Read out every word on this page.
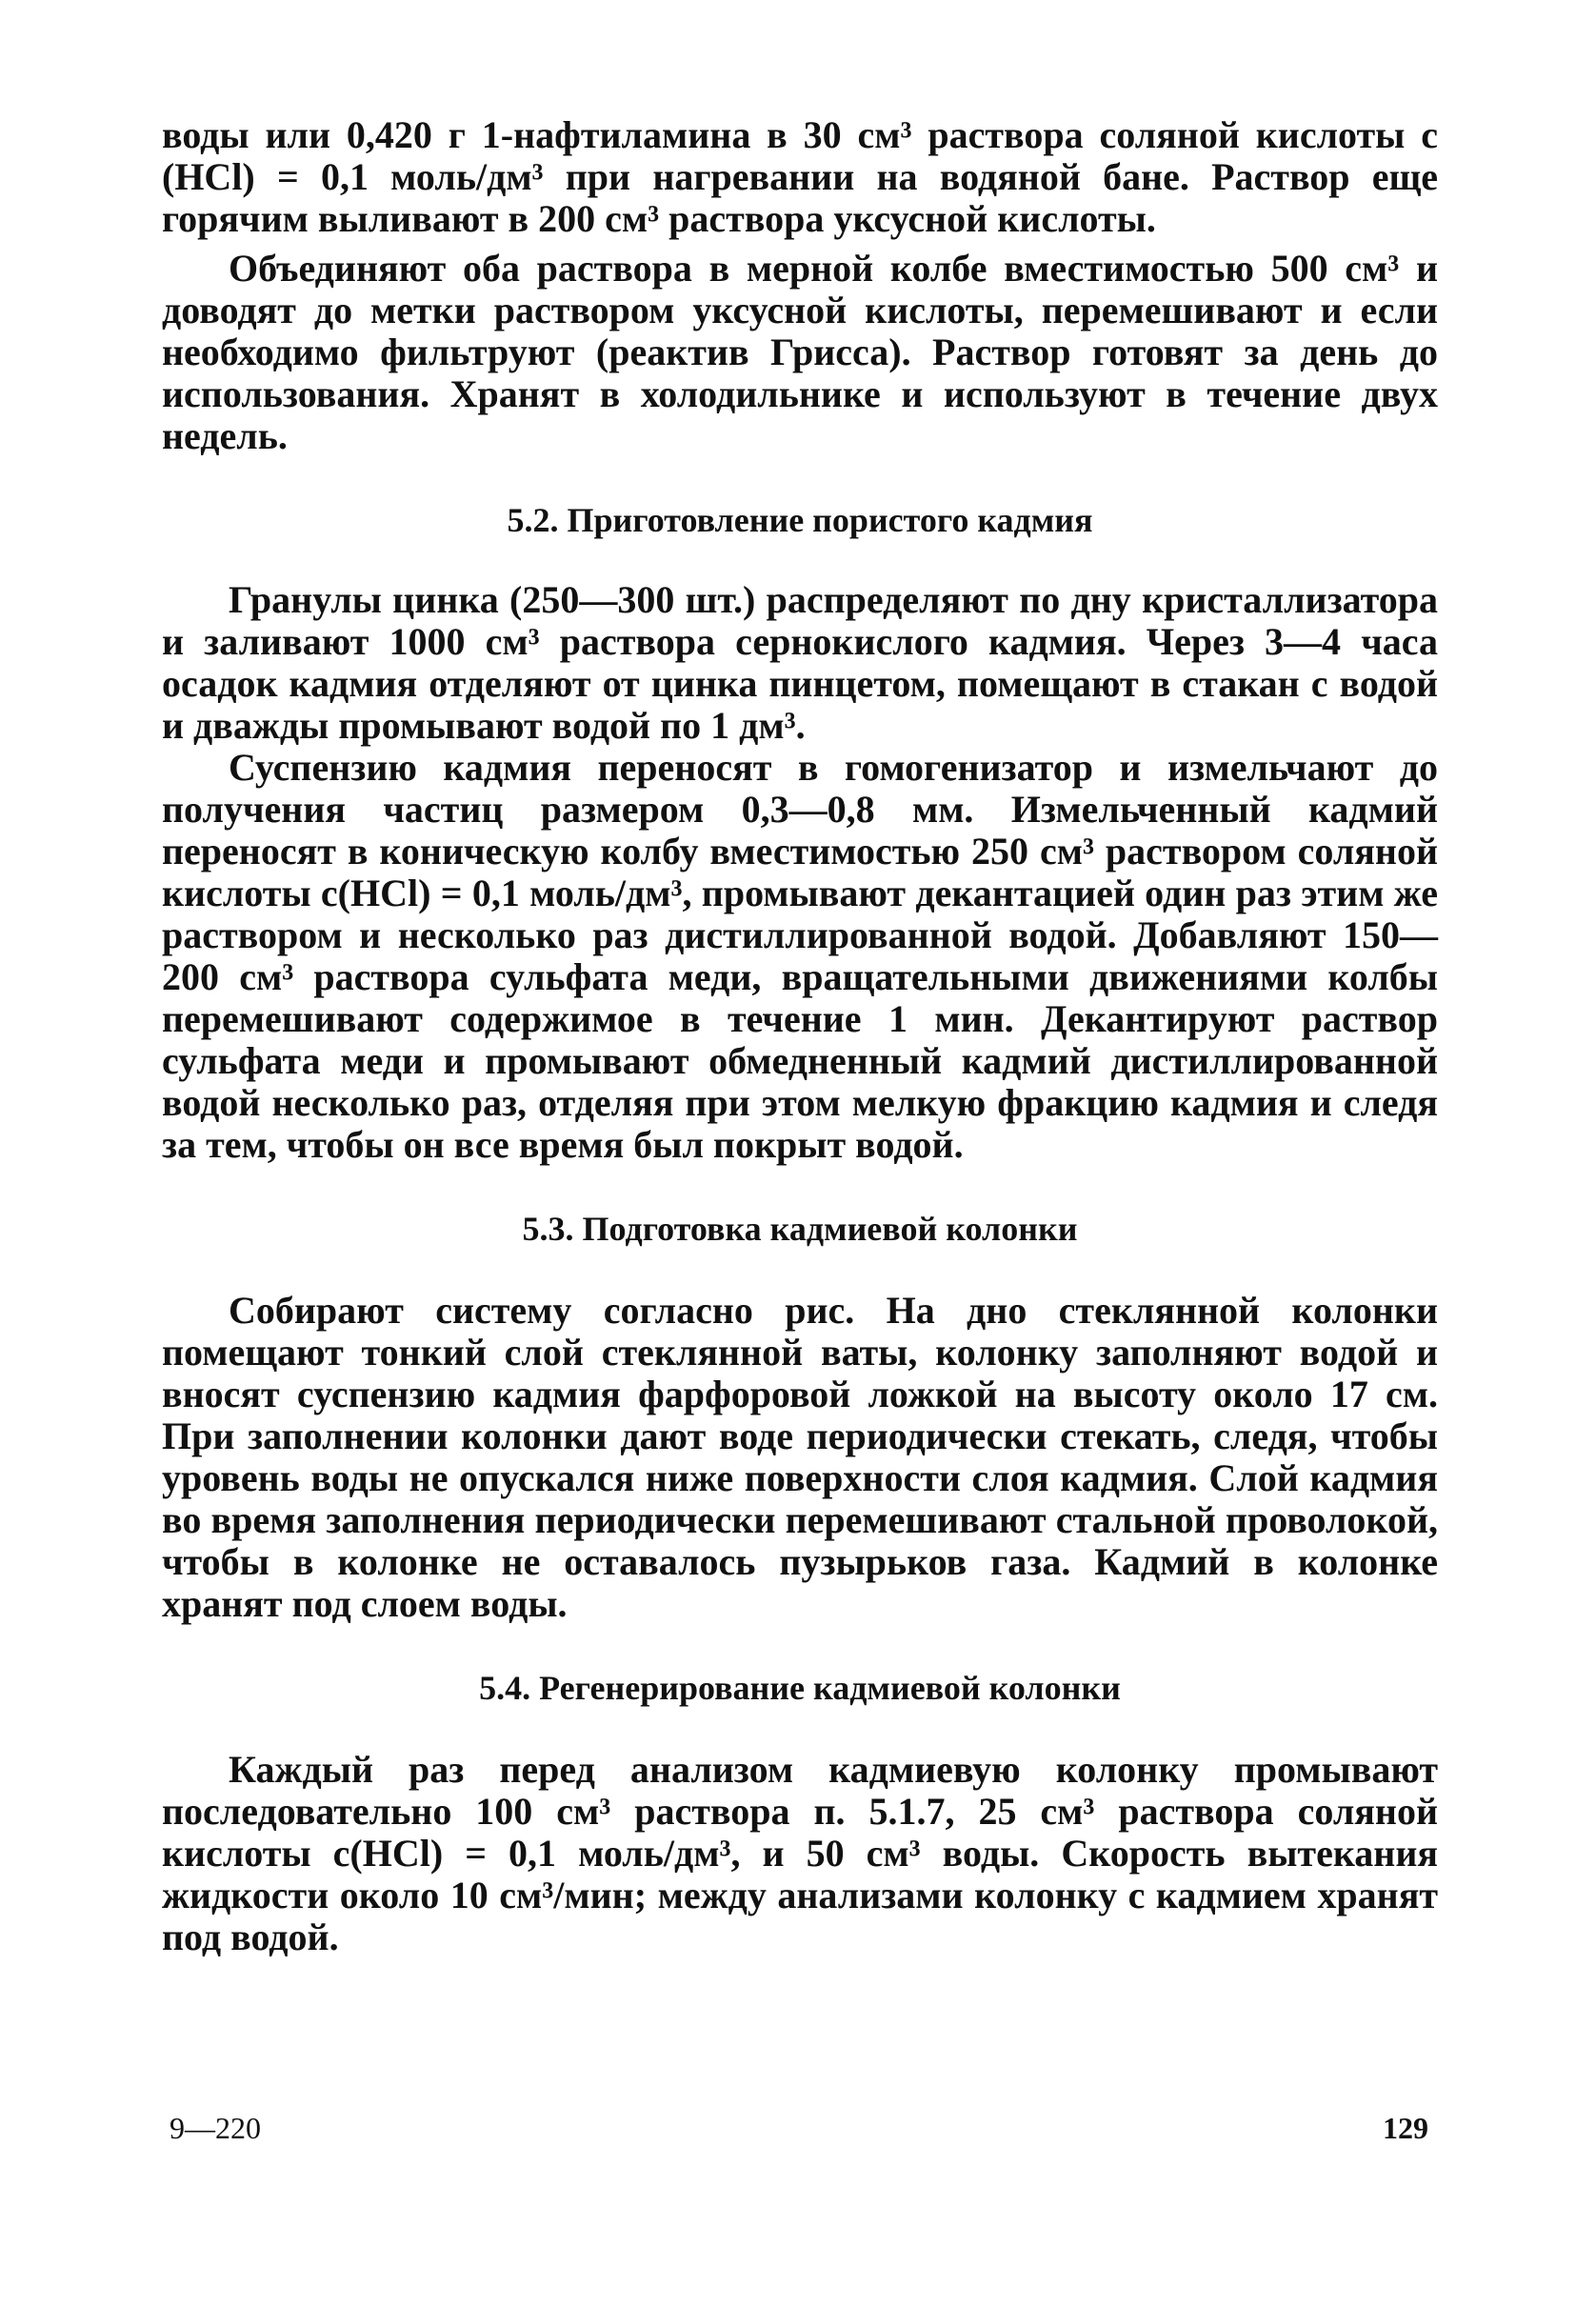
воды или 0,420 г 1-нафтиламина в 30 см³ раствора соляной кислоты с (HCl) = 0,1 моль/дм³ при нагревании на водяной бане. Раствор еще горячим выливают в 200 см³ раствора уксусной кислоты.

Объединяют оба раствора в мерной колбе вместимостью 500 см³ и доводят до метки раствором уксусной кислоты, перемешивают и если необходимо фильтруют (реактив Грисса). Раствор готовят за день до использования. Хранят в холодильнике и используют в течение двух недель.

5.2. Приготовление пористого кадмия

Гранулы цинка (250—300 шт.) распределяют по дну кристаллизатора и заливают 1000 см³ раствора сернокислого кадмия. Через 3—4 часа осадок кадмия отделяют от цинка пинцетом, помещают в стакан с водой и дважды промывают водой по 1 дм³.

Суспензию кадмия переносят в гомогенизатор и измельчают до получения частиц размером 0,3—0,8 мм. Измельченный кадмий переносят в коническую колбу вместимостью 250 см³ раствором соляной кислоты с(HCl) = 0,1 моль/дм³, промывают декантацией один раз этим же раствором и несколько раз дистиллированной водой. Добавляют 150—200 см³ раствора сульфата меди, вращательными движениями колбы перемешивают содержимое в течение 1 мин. Декантируют раствор сульфата меди и промывают обмедненный кадмий дистиллированной водой несколько раз, отделяя при этом мелкую фракцию кадмия и следя за тем, чтобы он все время был покрыт водой.

5.3. Подготовка кадмиевой колонки

Собирают систему согласно рис. На дно стеклянной колонки помещают тонкий слой стеклянной ваты, колонку заполняют водой и вносят суспензию кадмия фарфоровой ложкой на высоту около 17 см. При заполнении колонки дают воде периодически стекать, следя, чтобы уровень воды не опускался ниже поверхности слоя кадмия. Слой кадмия во время заполнения периодически перемешивают стальной проволокой, чтобы в колонке не оставалось пузырьков газа. Кадмий в колонке хранят под слоем воды.

5.4. Регенерирование кадмиевой колонки

Каждый раз перед анализом кадмиевую колонку промывают последовательно 100 см³ раствора п. 5.1.7, 25 см³ раствора соляной кислоты с(HCl) = 0,1 моль/дм³, и 50 см³ воды. Скорость вытекания жидкости около 10 см³/мин; между анализами колонку с кадмием хранят под водой.

9—220	129
